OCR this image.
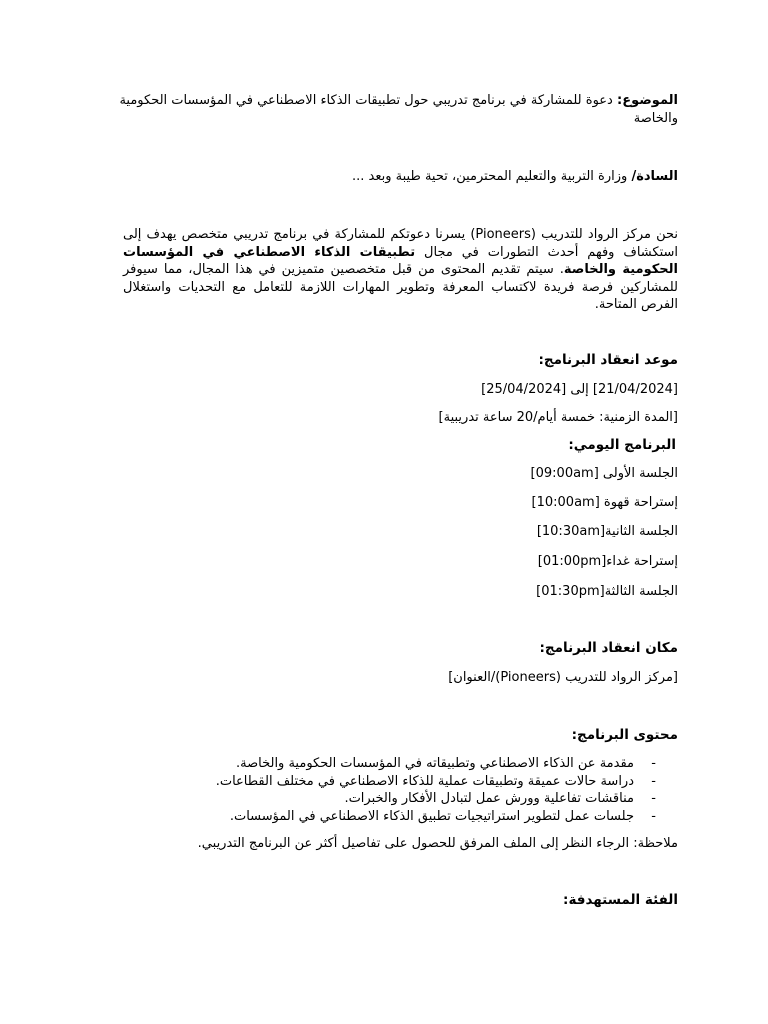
الموضوع: دعوة للمشاركة في برنامج تدريبي حول تطبيقات الذكاء الاصطناعي في المؤسسات الحكومية والخاصة

السادة/ وزارة التربية والتعليم المحترمين، تحية طيبة وبعد ...

نحن مركز الرواد للتدريب (Pioneers) يسرنا دعوتكم للمشاركة في برنامج تدريبي متخصص يهدف إلى استكشاف وفهم أحدث التطورات في مجال تطبيقات الذكاء الاصطناعي في المؤسسات الحكومية والخاصة. سيتم تقديم المحتوى من قبل متخصصين متميزين في هذا المجال، مما سيوفر للمشاركين فرصة فريدة لاكتساب المعرفة وتطوير المهارات اللازمة للتعامل مع التحديات واستغلال الفرص المتاحة.

موعد انعقاد البرنامج:

[21/04/2024] إلى [25/04/2024]

[المدة الزمنية: خمسة أيام/20 ساعة تدريبية]

البرنامج اليومي:

الجلسة الأولى [09:00am]

إستراحة قهوة [10:00am]

الجلسة الثانية[10:30am]

إستراحة غداء[01:00pm]

الجلسة الثالثة[01:30pm]

مكان انعقاد البرنامج:

[مركز الرواد للتدريب (Pioneers)/العنوان]

محتوى البرنامج:

-
مقدمة عن الذكاء الاصطناعي وتطبيقاته في المؤسسات الحكومية والخاصة.
-
دراسة حالات عميقة وتطبيقات عملية للذكاء الاصطناعي في مختلف القطاعات.
-
مناقشات تفاعلية وورش عمل لتبادل الأفكار والخبرات.
-
جلسات عمل لتطوير استراتيجيات تطبيق الذكاء الاصطناعي في المؤسسات.

ملاحظة: الرجاء النظر إلى الملف المرفق للحصول على تفاصيل أكثر عن البرنامج التدريبي.

الفئة المستهدفة:
